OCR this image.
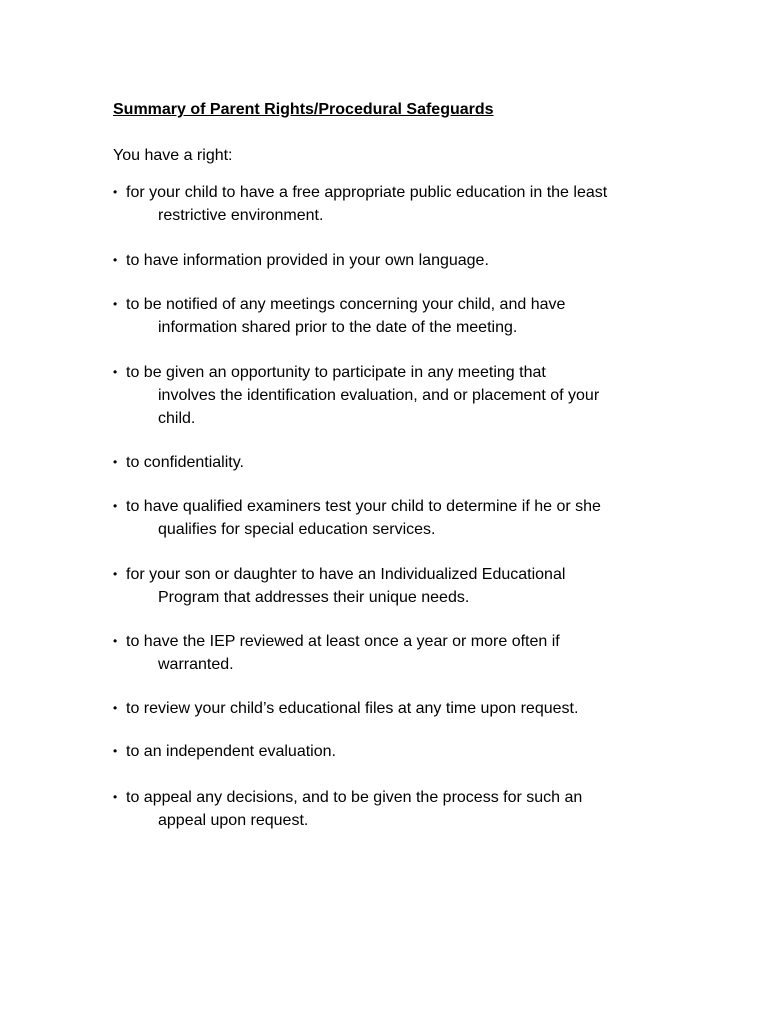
Summary of Parent Rights/Procedural Safeguards
You have a right:
• for your child to have a free appropriate public education in the least
restrictive environment.
• to have information provided in your own language.
• to be notified of any meetings concerning your child, and have
information shared prior to the date of the meeting.
• to be given an opportunity to participate in any meeting that
involves the identification evaluation, and or placement of your
child.
• to confidentiality.
• to have qualified examiners test your child to determine if he or she
qualifies for special education services.
• for your son or daughter to have an Individualized Educational
Program that addresses their unique needs.
• to have the IEP reviewed at least once a year or more often if
warranted.
• to review your child’s educational files at any time upon request.
• to an independent evaluation.
• to appeal any decisions, and to be given the process for such an
appeal upon request.
